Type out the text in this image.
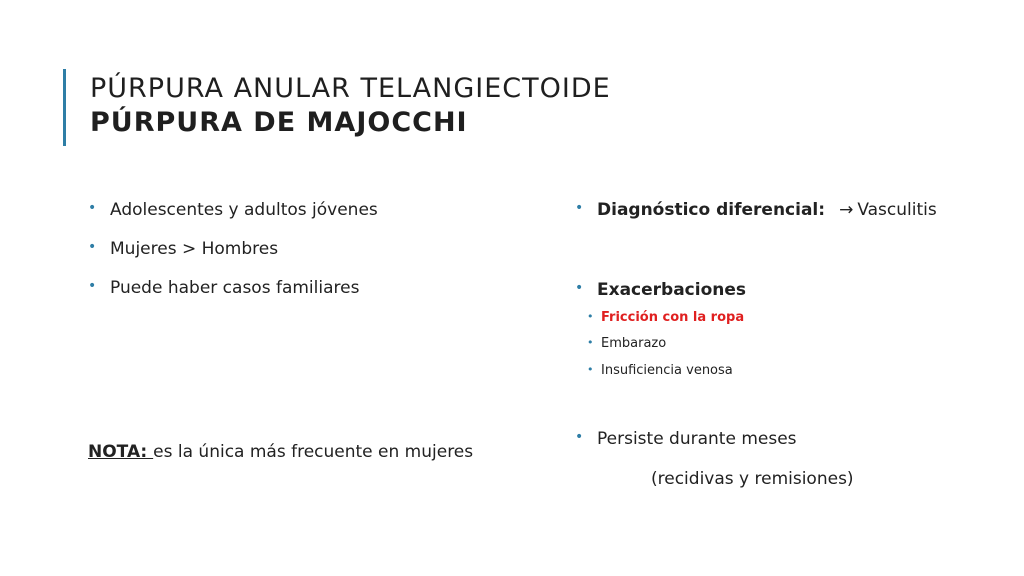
PÚRPURA ANULAR TELANGIECTOIDE
PÚRPURA DE MAJOCCHI
• Adolescentes y adultos jóvenes
• Mujeres > Hombres
• Puede haber casos familiares
NOTA: es la única más frecuente en mujeres
• Diagnóstico diferencial: → Vasculitis
• Exacerbaciones
• Fricción con la ropa
• Embarazo
• Insuficiencia venosa
• Persiste durante meses
(recidivas y remisiones)
